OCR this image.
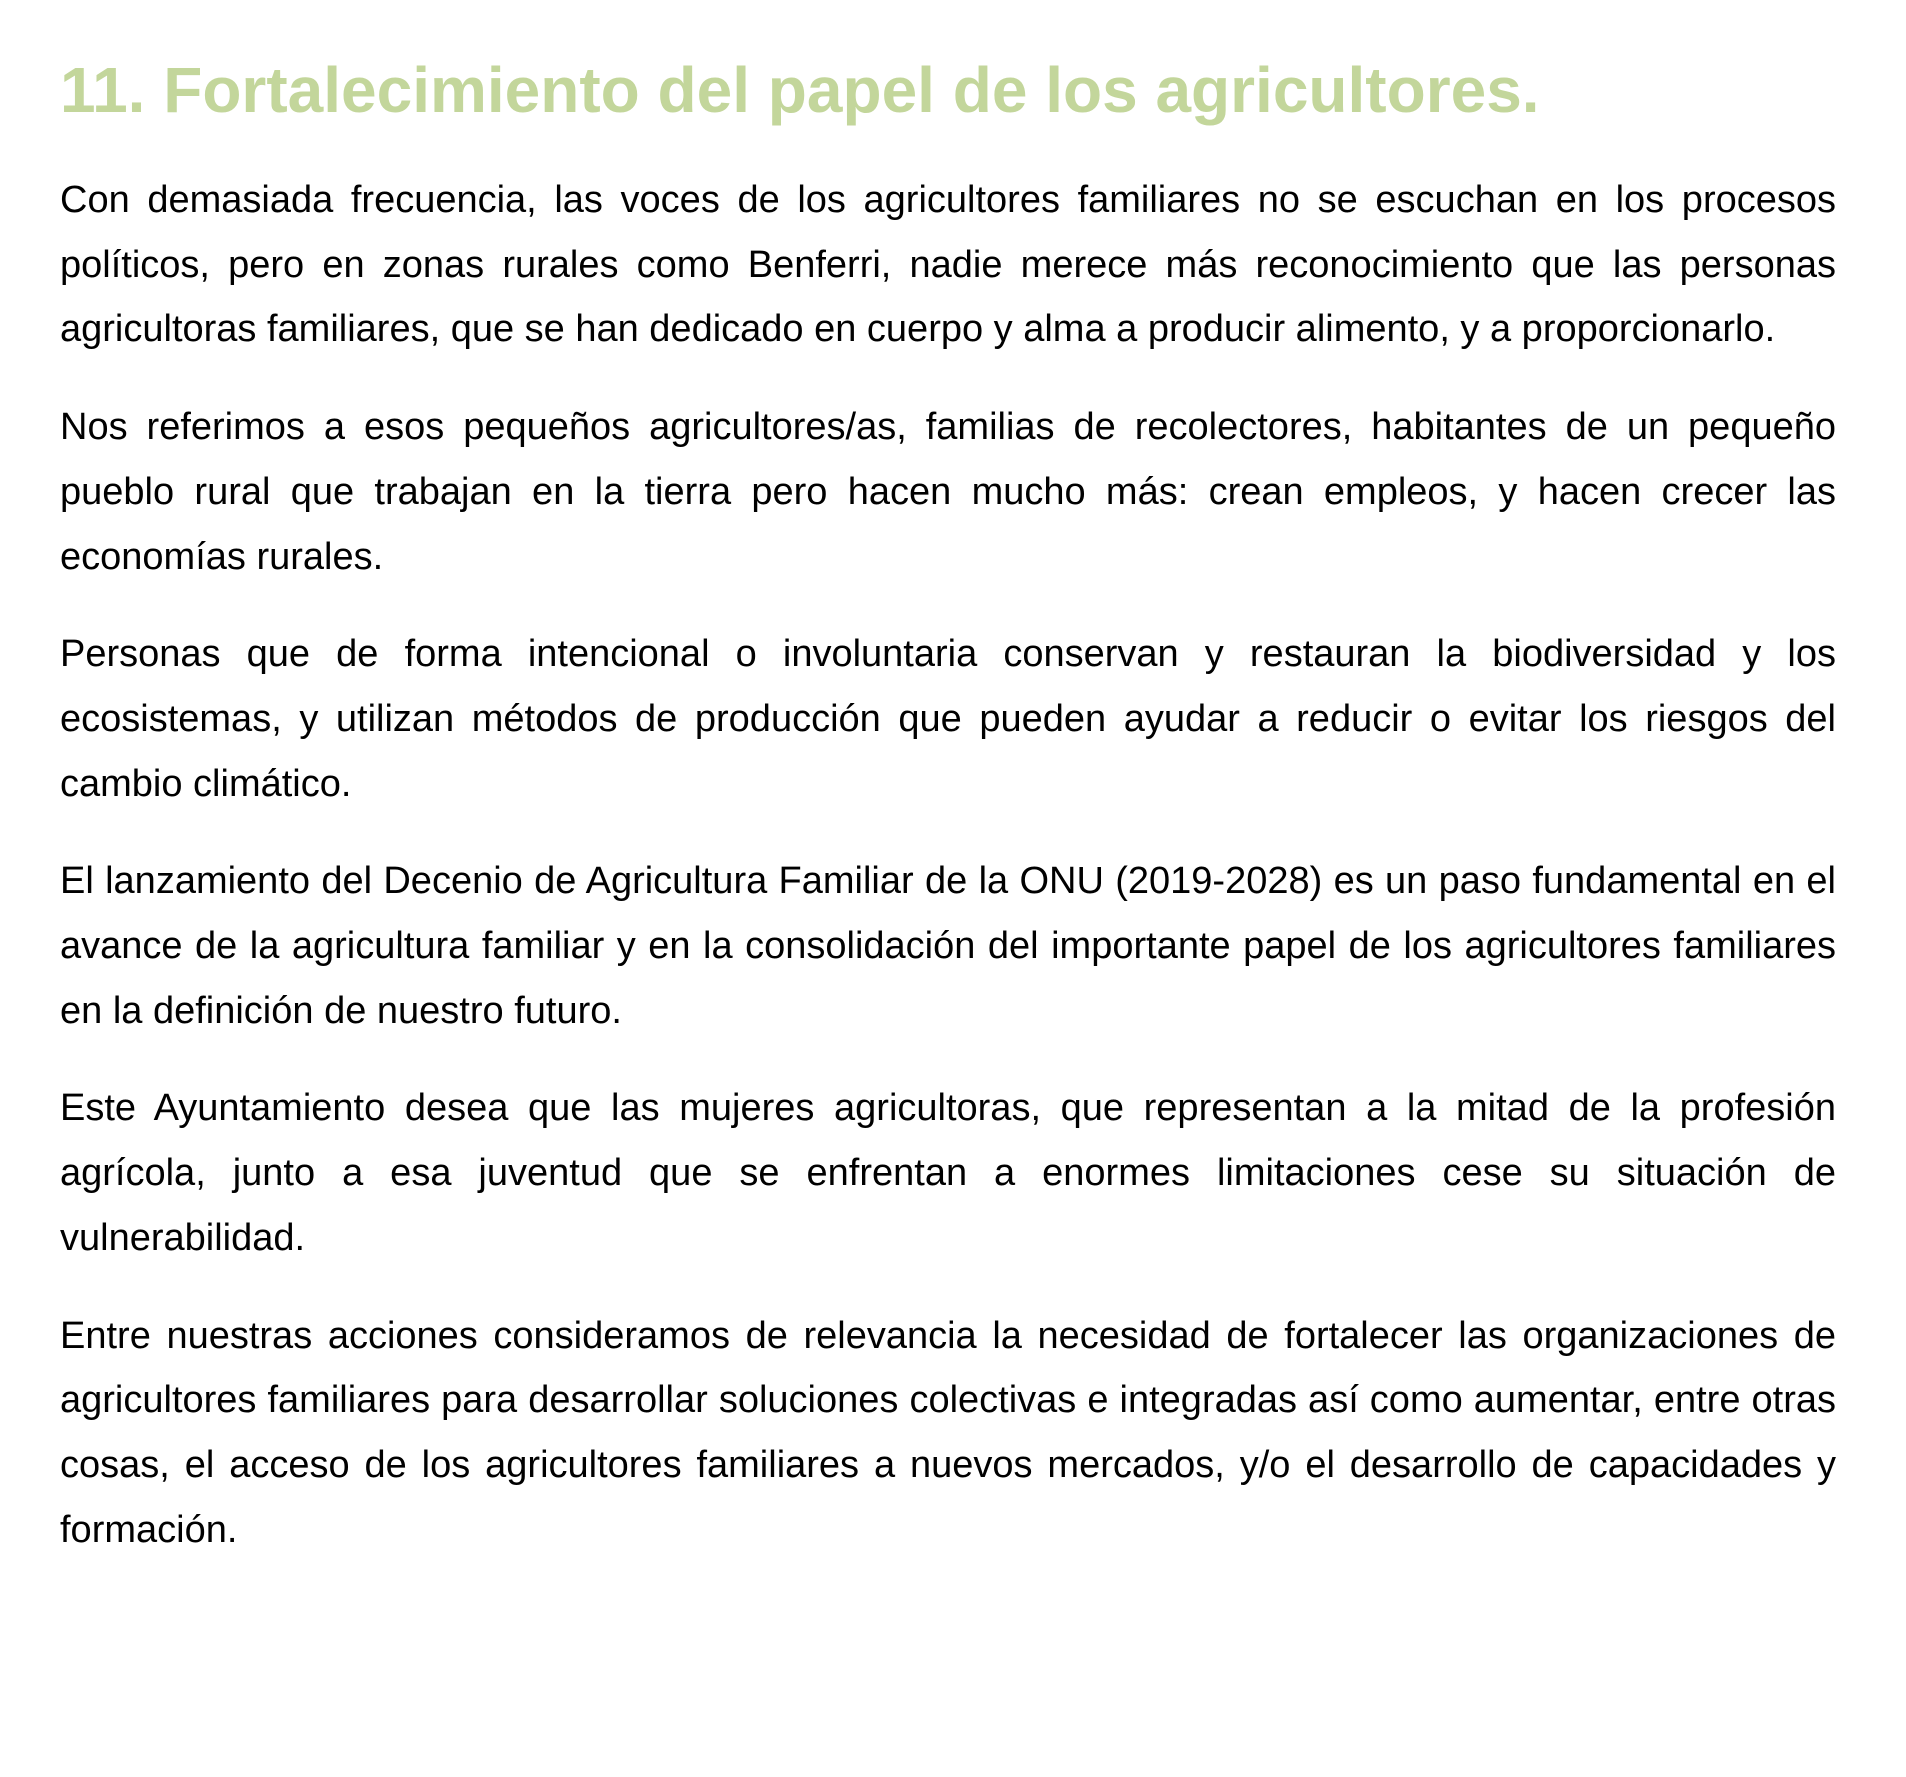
11. Fortalecimiento del papel de los agricultores.

Con demasiada frecuencia, las voces de los agricultores familiares no se escuchan en los procesos políticos, pero en zonas rurales como Benferri, nadie merece más reconocimiento que las personas agricultoras familiares, que se han dedicado en cuerpo y alma a producir alimento, y a proporcionarlo.

Nos referimos a esos pequeños agricultores/as, familias de recolectores, habitantes de un pequeño pueblo rural que trabajan en la tierra pero hacen mucho más: crean empleos, y hacen crecer las economías rurales.

Personas que de forma intencional o involuntaria conservan y restauran la biodiversidad y los ecosistemas, y utilizan métodos de producción que pueden ayudar a reducir o evitar los riesgos del cambio climático.

El lanzamiento del Decenio de Agricultura Familiar de la ONU (2019-2028) es un paso fundamental en el avance de la agricultura familiar y en la consolidación del importante papel de los agricultores familiares en la definición de nuestro futuro.

Este Ayuntamiento desea que las mujeres agricultoras, que representan a la mitad de la profesión agrícola, junto a esa juventud que se enfrentan a enormes limitaciones cese su situación de vulnerabilidad.

Entre nuestras acciones consideramos de relevancia la necesidad de fortalecer las organizaciones de agricultores familiares para desarrollar soluciones colectivas e integradas así como aumentar, entre otras cosas, el acceso de los agricultores familiares a nuevos mercados, y/o el desarrollo de capacidades y formación.
